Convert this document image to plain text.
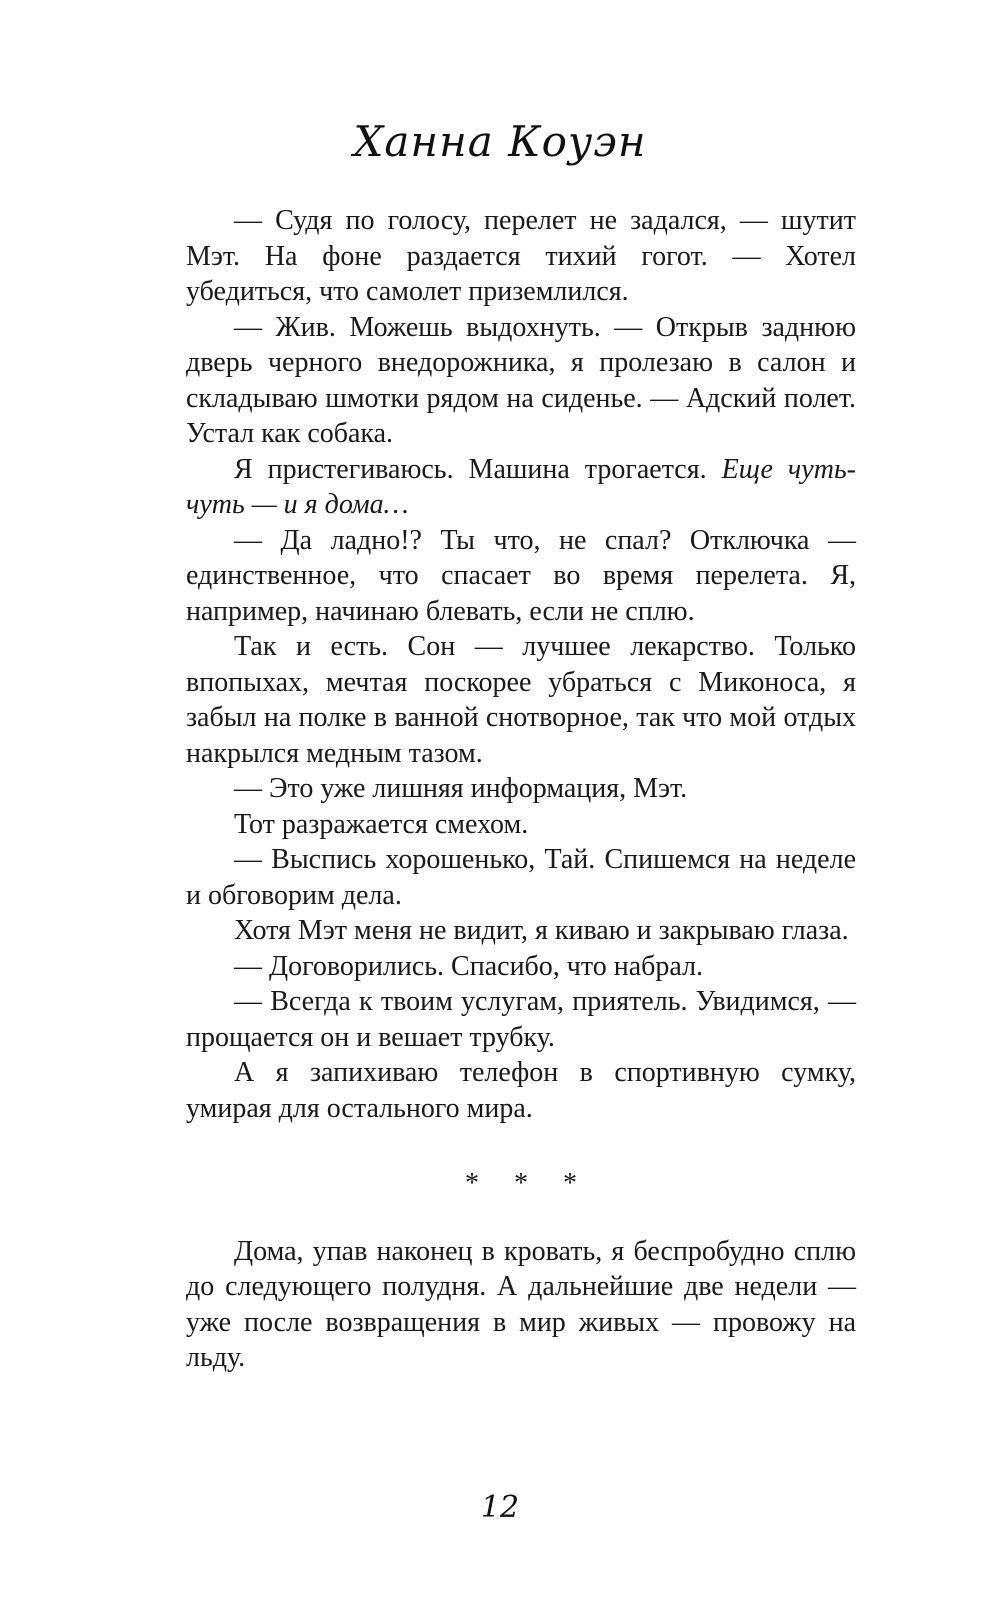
Ханна Коуэн

— Судя по голосу, перелет не задался, — шутит Мэт. На фоне раздается тихий гогот. — Хотел убедиться, что самолет приземлился.

— Жив. Можешь выдохнуть. — Открыв заднюю дверь черного внедорожника, я пролезаю в салон и складываю шмотки рядом на сиденье. — Адский полет. Устал как собака.

Я пристегиваюсь. Машина трогается. Еще чуть-чуть — и я дома…

— Да ладно!? Ты что, не спал? Отключка — единственное, что спасает во время перелета. Я, например, начинаю блевать, если не сплю.

Так и есть. Сон — лучшее лекарство. Только впопыхах, мечтая поскорее убраться с Миконоса, я забыл на полке в ванной снотворное, так что мой отдых накрылся медным тазом.

— Это уже лишняя информация, Мэт.

Тот разражается смехом.

— Выспись хорошенько, Тай. Спишемся на неделе и обговорим дела.

Хотя Мэт меня не видит, я киваю и закрываю глаза.

— Договорились. Спасибо, что набрал.

— Всегда к твоим услугам, приятель. Увидимся, — прощается он и вешает трубку.

А я запихиваю телефон в спортивную сумку, умирая для остального мира.

* * *

Дома, упав наконец в кровать, я беспробудно сплю до следующего полудня. А дальнейшие две недели — уже после возвращения в мир живых — провожу на льду.

12
